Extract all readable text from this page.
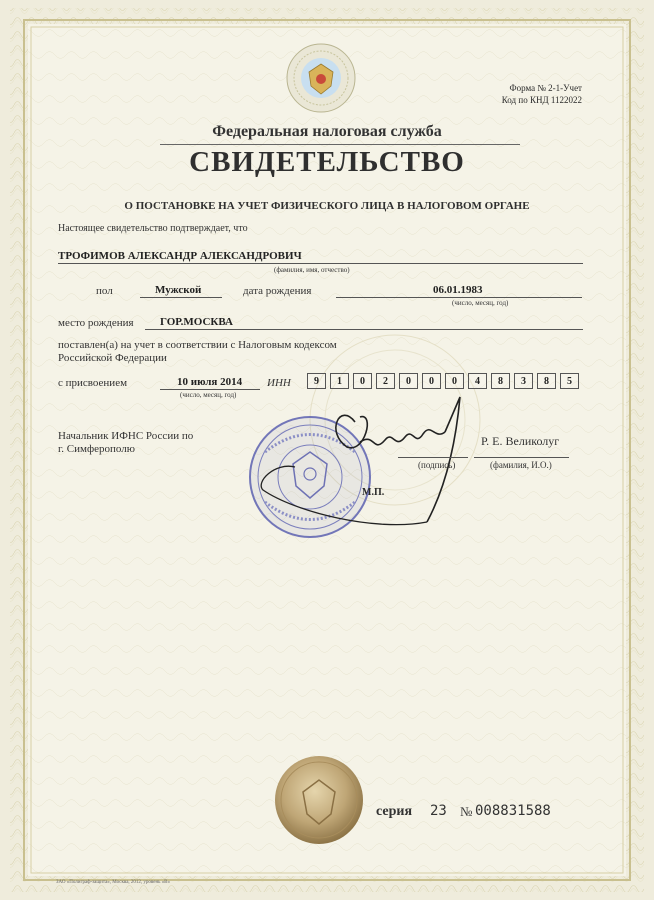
Форма № 2-1-Учет
Код по КНД 1122022
Федеральная налоговая служба
СВИДЕТЕЛЬСТВО
О ПОСТАНОВКЕ НА УЧЕТ ФИЗИЧЕСКОГО ЛИЦА В НАЛОГОВОМ ОРГАНЕ
Настоящее свидетельство подтверждает, что
ТРОФИМОВ АЛЕКСАНДР АЛЕКСАНДРОВИЧ
(фамилия, имя, отчество)
пол	Мужской	дата рождения	06.01.1983
(число, месяц, год)
место рождения ГОР.МОСКВА
поставлен(а) на учет в соответствии с Налоговым кодексом
Российской Федерации
с присвоением	10 июля 2014
(число, месяц, год)
ИНН	9	1	0	2	0	0	0	4	8	3	8	5
Начальник ИФНС России по
г. Симферополю
Р. Е. Великолуг
(подпись)	(фамилия, И.О.)
М.П.
серия 23 № 008831588
ЗАО «Полиграф-защита», Москва, 2012, уровень «В»
